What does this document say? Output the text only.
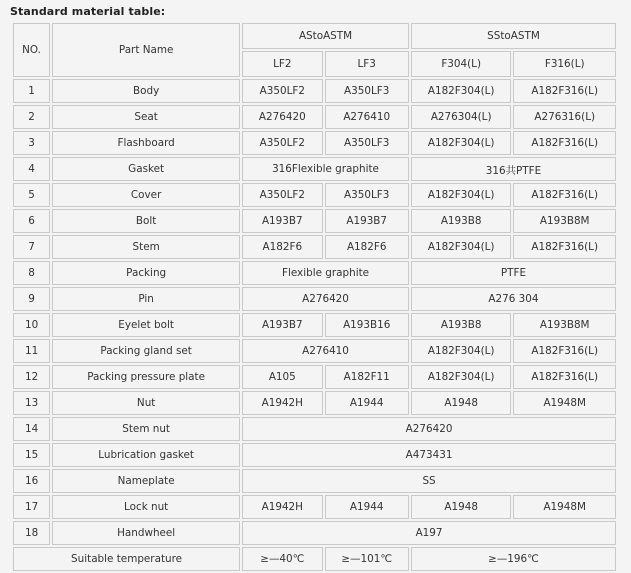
Standard material table:
NO.	Part Name	AStoASTM		SStoASTM	
		LF2	LF3	F304(L)	F316(L)
1	Body	A350LF2	A350LF3	A182F304(L)	A182F316(L)
2	Seat	A276420	A276410	A276304(L)	A276316(L)
3	Flashboard	A350LF2	A350LF3	A182F304(L)	A182F316(L)
4	Gasket	316Flexible graphite		316共PTFE	
5	Cover	A350LF2	A350LF3	A182F304(L)	A182F316(L)
6	Bolt	A193B7	A193B7	A193B8	A193B8M
7	Stem	A182F6	A182F6	A182F304(L)	A182F316(L)
8	Packing	Flexible graphite		PTFE	
9	Pin	A276420		A276 304	
10	Eyelet bolt	A193B7	A193B16	A193B8	A193B8M
11	Packing gland set	A276410		A182F304(L)	A182F316(L)
12	Packing pressure plate	A105	A182F11	A182F304(L)	A182F316(L)
13	Nut	A1942H	A1944	A1948	A1948M
14	Stem nut	A276420			
15	Lubrication gasket	A473431			
16	Nameplate	SS			
17	Lock nut	A1942H	A1944	A1948	A1948M
18	Handwheel	A197			
Suitable temperature		≥—40℃	≥—101℃	≥—196℃	
